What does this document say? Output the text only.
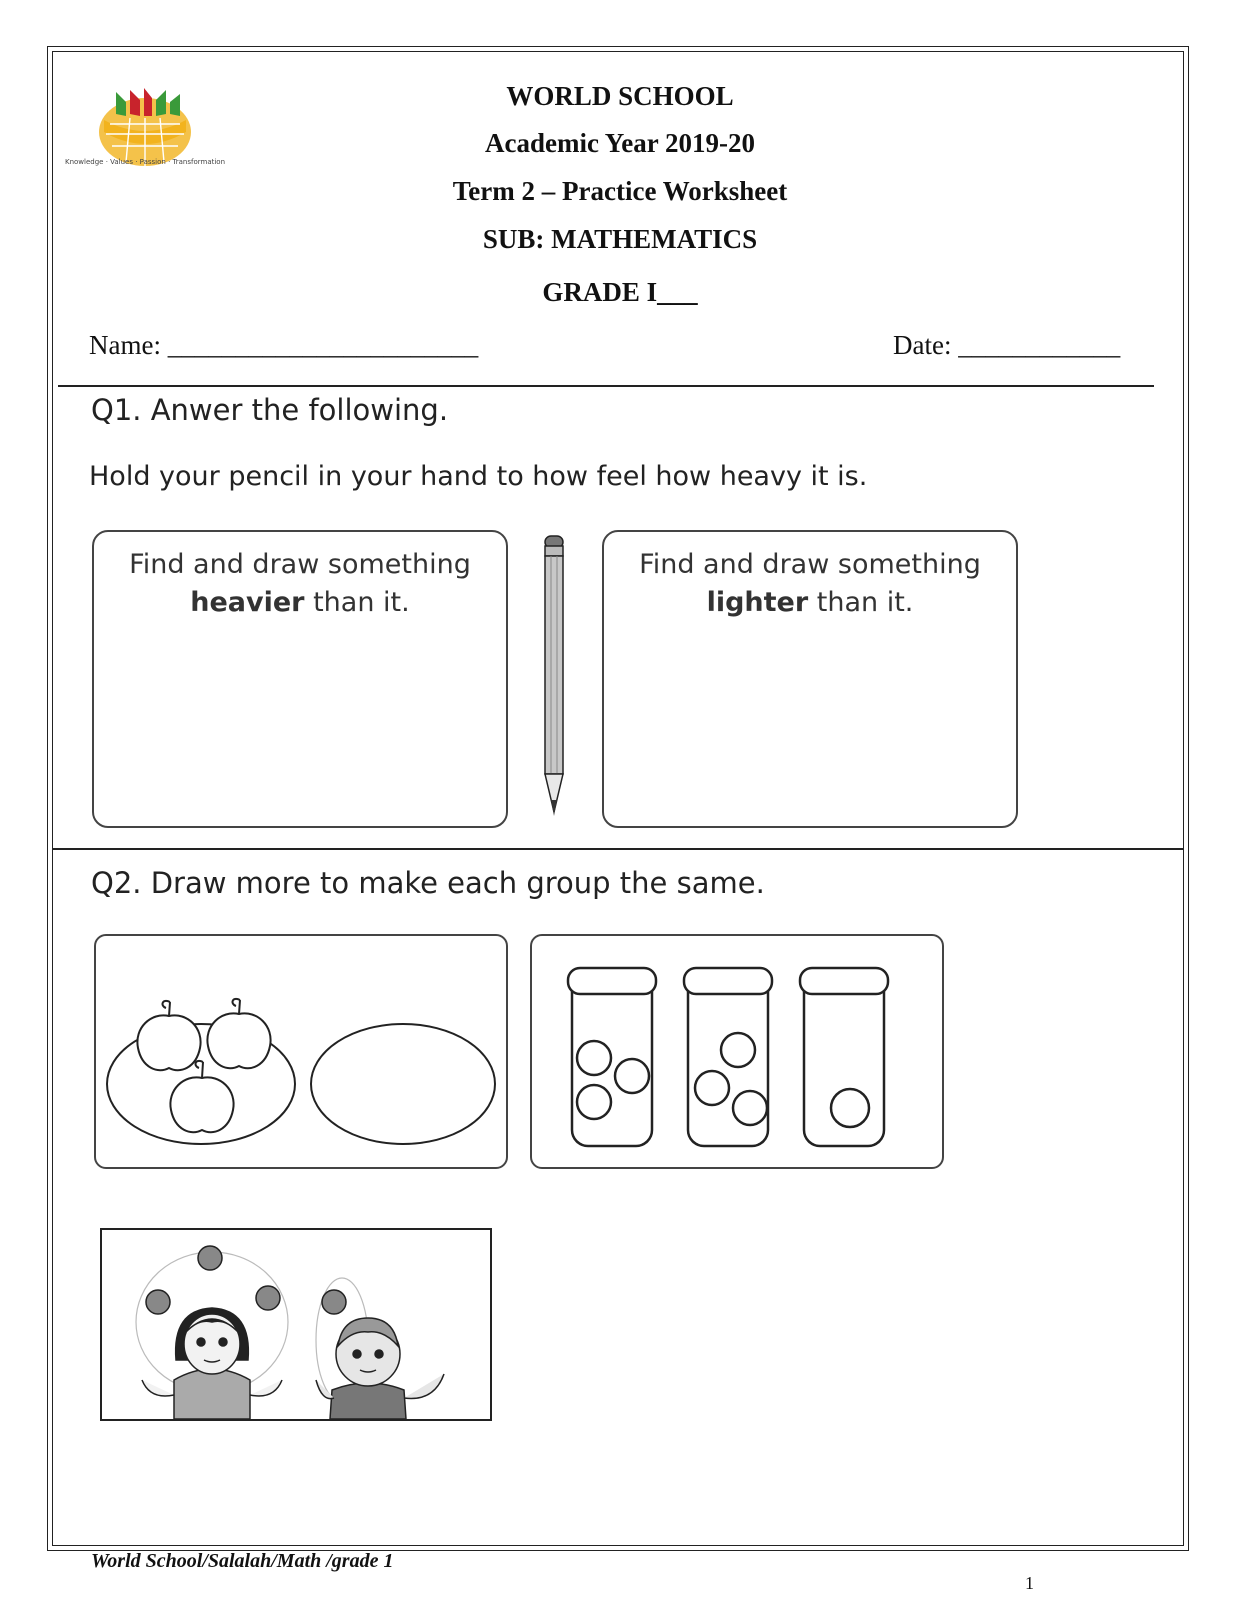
Knowledge · Values · Passion · Transformation
WORLD SCHOOL
Academic Year 2019-20
Term 2 – Practice Worksheet
SUB: MATHEMATICS
GRADE I___
Name: _______________________	Date: ____________
Q1. Anwer the following.
Hold your pencil in your hand to how feel how heavy it is.
Find and draw something
heavier than it.
Find and draw something
lighter than it.
Q2. Draw more to make each group the same.
World School/Salalah/Math /grade 1
1
